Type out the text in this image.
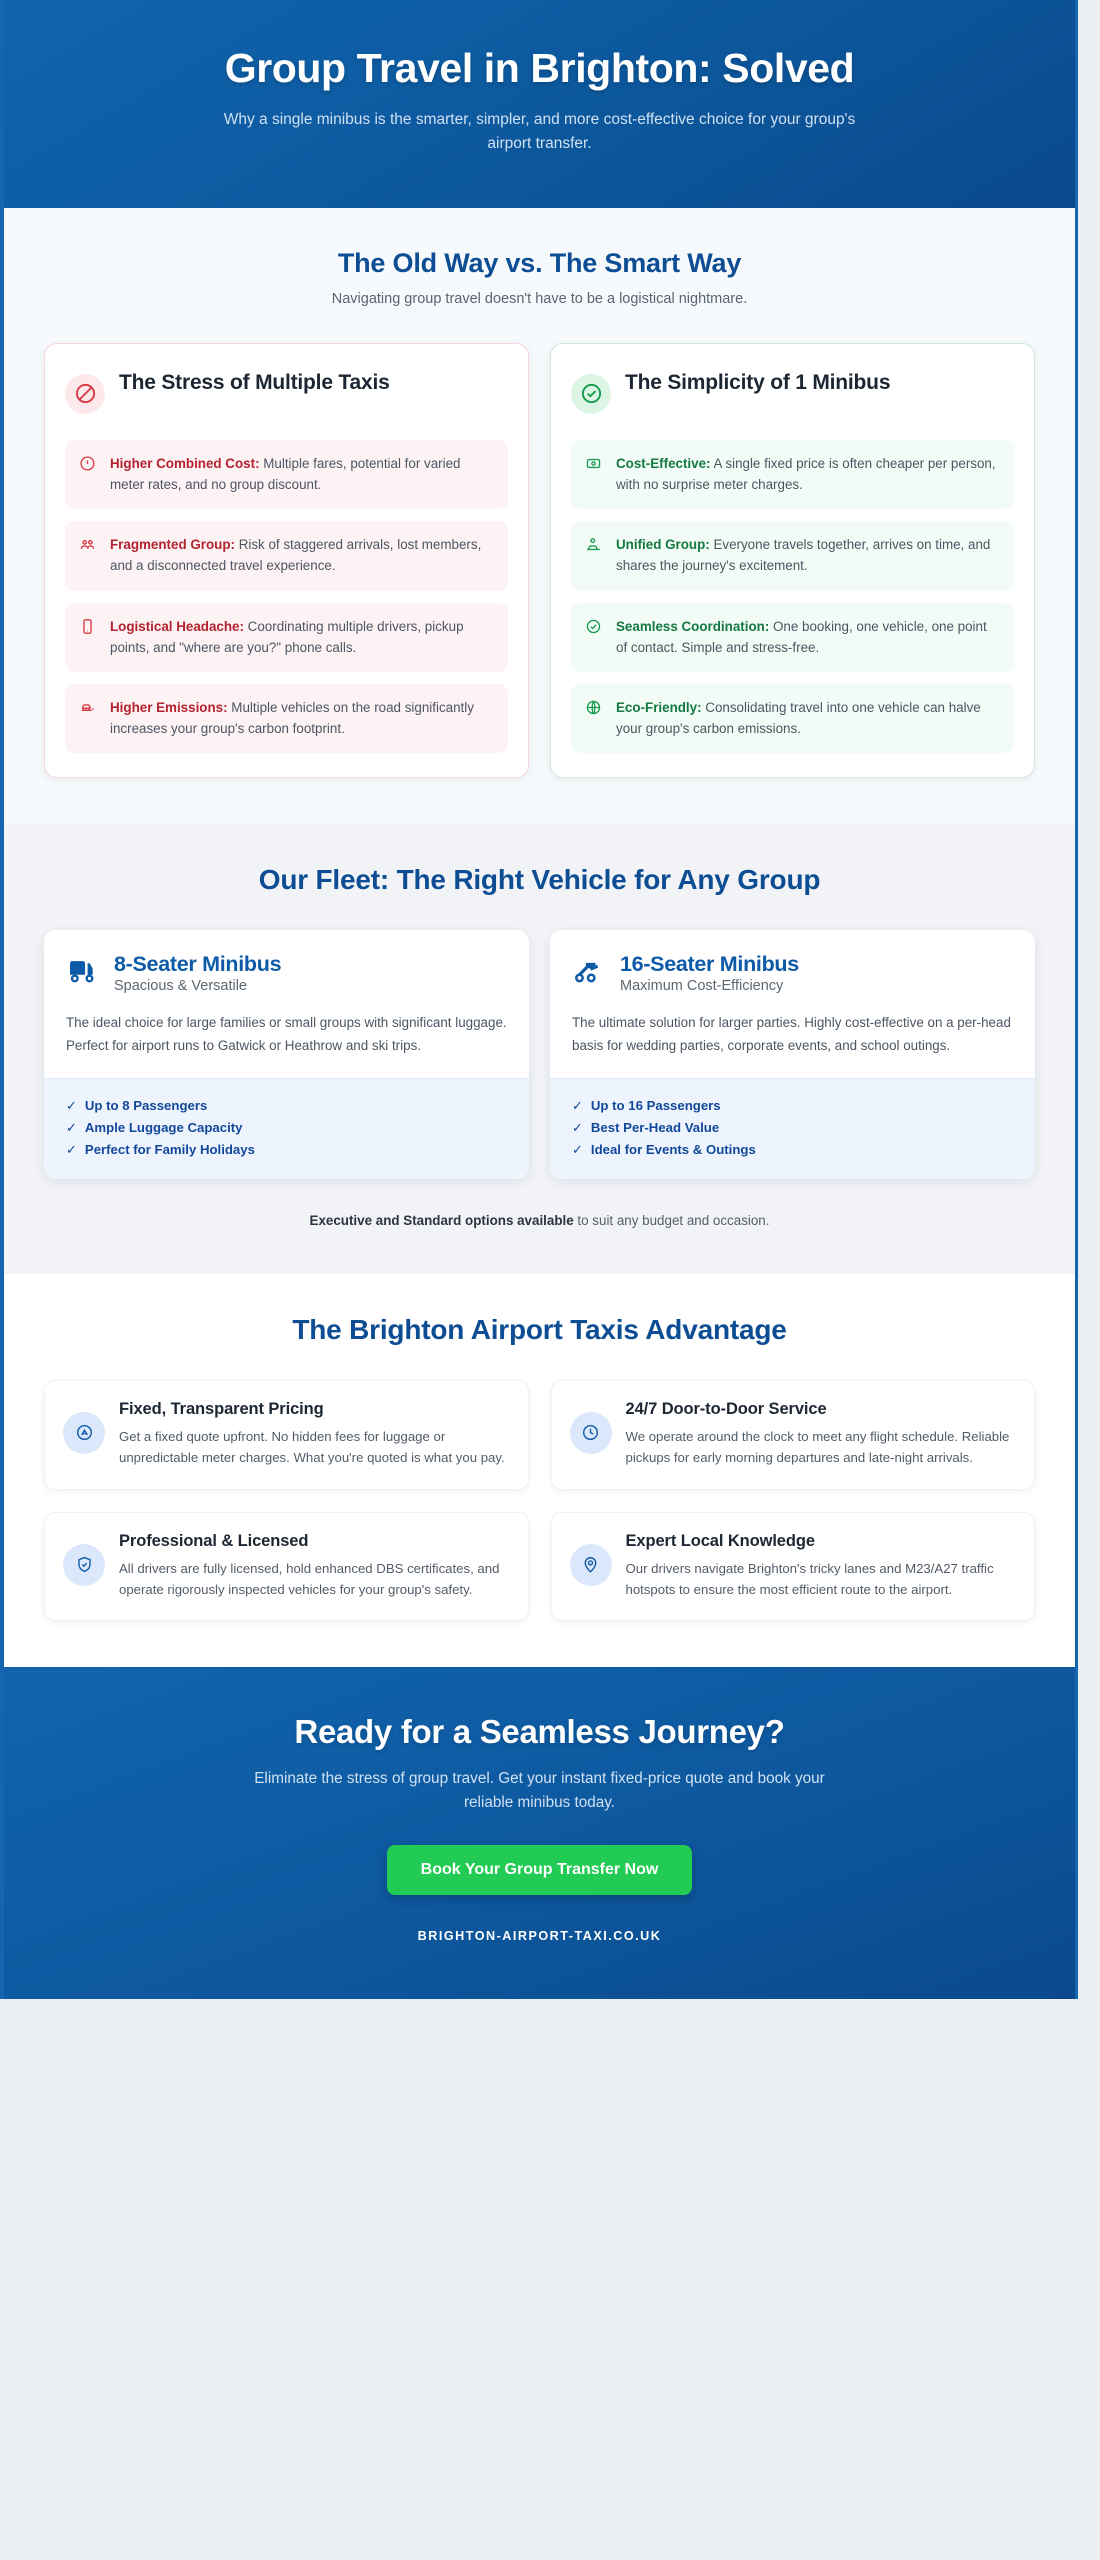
Group Travel in Brighton: Solved

Why a single minibus is the smarter, simpler, and more cost-effective choice for your group's airport transfer.

The Old Way vs. The Smart Way
Navigating group travel doesn't have to be a logistical nightmare.
The Stress of Multiple Taxis
Higher Combined Cost: Multiple fares, potential for varied meter rates, and no group discount.
Fragmented Group: Risk of staggered arrivals, lost members, and a disconnected travel experience.
Logistical Headache: Coordinating multiple drivers, pickup points, and "where are you?" phone calls.
Higher Emissions: Multiple vehicles on the road significantly increases your group's carbon footprint.
The Simplicity of 1 Minibus
Cost-Effective: A single fixed price is often cheaper per person, with no surprise meter charges.
Unified Group: Everyone travels together, arrives on time, and shares the journey's excitement.
Seamless Coordination: One booking, one vehicle, one point of contact. Simple and stress-free.
Eco-Friendly: Consolidating travel into one vehicle can halve your group's carbon emissions.
Our Fleet: The Right Vehicle for Any Group
8-Seater Minibus
Spacious & Versatile

The ideal choice for large families or small groups with significant luggage. Perfect for airport runs to Gatwick or Heathrow and ski trips.

✓ Up to 8 Passengers
✓ Ample Luggage Capacity
✓ Perfect for Family Holidays
16-Seater Minibus
Maximum Cost-Efficiency

The ultimate solution for larger parties. Highly cost-effective on a per-head basis for wedding parties, corporate events, and school outings.

✓ Up to 16 Passengers
✓ Best Per-Head Value
✓ Ideal for Events & Outings
Executive and Standard options available to suit any budget and occasion.
The Brighton Airport Taxis Advantage
Fixed, Transparent Pricing

Get a fixed quote upfront. No hidden fees for luggage or unpredictable meter charges. What you're quoted is what you pay.

24/7 Door-to-Door Service

We operate around the clock to meet any flight schedule. Reliable pickups for early morning departures and late-night arrivals.

Professional & Licensed

All drivers are fully licensed, hold enhanced DBS certificates, and operate rigorously inspected vehicles for your group's safety.

Expert Local Knowledge

Our drivers navigate Brighton's tricky lanes and M23/A27 traffic hotspots to ensure the most efficient route to the airport.

Ready for a Seamless Journey?

Eliminate the stress of group travel. Get your instant fixed-price quote and book your reliable minibus today.

Book Your Group Transfer Now
BRIGHTON-AIRPORT-TAXI.CO.UK
